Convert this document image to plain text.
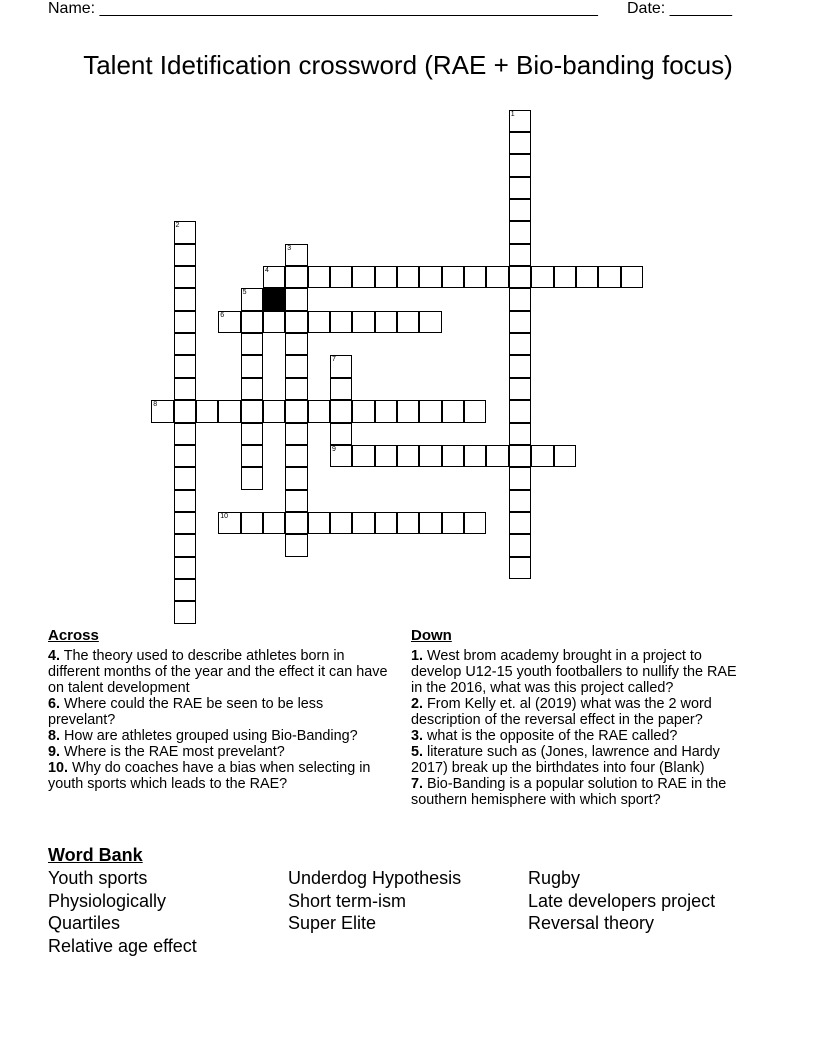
Name: ________________________________________________________ Date: _______
Talent Idetification crossword (RAE + Bio-banding focus)
1
2
3
4
5
6
7
9
8
10
Across

4. The theory used to describe athletes born in different months of the year and the effect it can have on talent development

6. Where could the RAE be seen to be less prevelant?

8. How are athletes grouped using Bio-Banding?

9. Where is the RAE most prevelant?

10. Why do coaches have a bias when selecting in youth sports which leads to the RAE?

Down

1. West brom academy brought in a project to develop U12-15 youth footballers to nullify the RAE in the 2016, what was this project called?

2. From Kelly et. al (2019) what was the 2 word description of the reversal effect in the paper?

3. what is the opposite of the RAE called?

5. literature such as (Jones, lawrence and Hardy 2017) break up the birthdates into four (Blank)

7. Bio-Banding is a popular solution to RAE in the southern hemisphere with which sport?

Word Bank
Youth sports
Physiologically
Quartiles
Relative age effect
Underdog Hypothesis
Short term-ism
Super Elite
Rugby
Late developers project
Reversal theory
